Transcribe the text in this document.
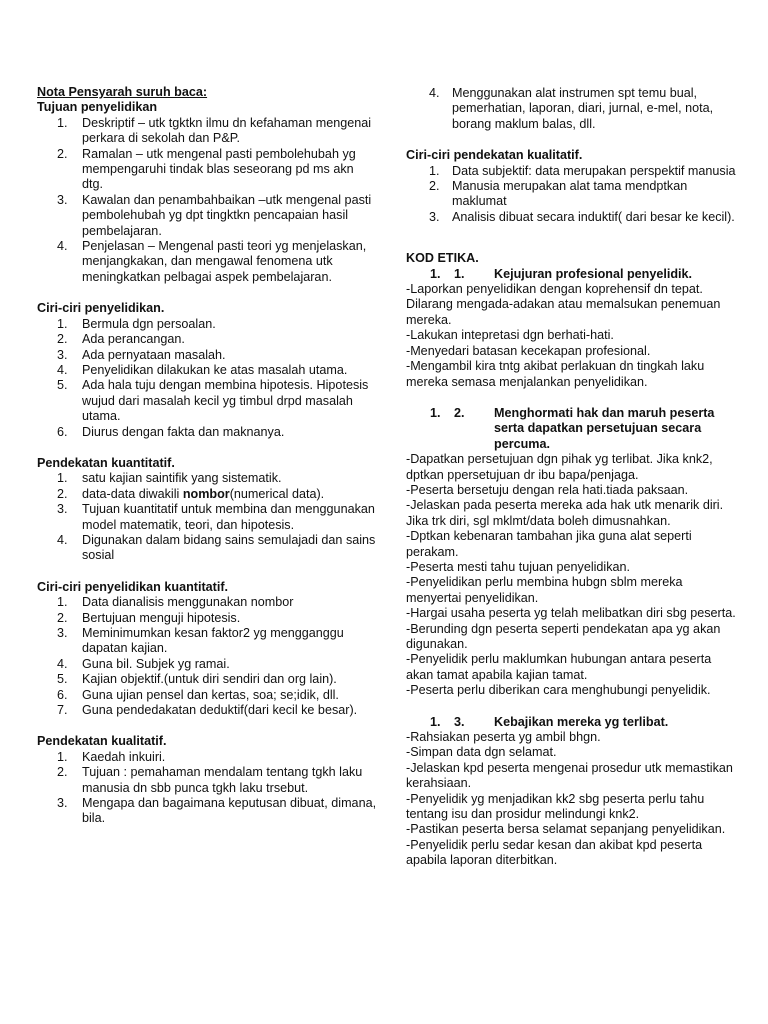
Nota Pensyarah suruh baca:
Tujuan penyelidikan
1. Deskriptif – utk tgktkn ilmu dn kefahaman mengenai perkara di sekolah dan P&P.
2. Ramalan – utk mengenal pasti pembolehubah yg mempengaruhi tindak blas seseorang pd ms akn dtg.
3. Kawalan dan penambahbaikan –utk mengenal pasti pembolehubah yg dpt tingktkn pencapaian hasil pembelajaran.
4. Penjelasan – Mengenal pasti teori yg menjelaskan, menjangkakan, dan mengawal fenomena utk meningkatkan pelbagai aspek pembelajaran.
Ciri-ciri penyelidikan.
1. Bermula dgn persoalan.
2. Ada perancangan.
3. Ada pernyataan masalah.
4. Penyelidikan dilakukan ke atas masalah utama.
5. Ada hala tuju dengan membina hipotesis. Hipotesis wujud dari masalah kecil yg timbul drpd masalah utama.
6. Diurus dengan fakta dan maknanya.
Pendekatan kuantitatif.
1. satu kajian saintifik yang sistematik.
2. data-data diwakili nombor(numerical data).
3. Tujuan kuantitatif untuk membina dan menggunakan model matematik, teori, dan hipotesis.
4. Digunakan dalam bidang sains semulajadi dan sains sosial
Ciri-ciri penyelidikan kuantitatif.
1. Data dianalisis menggunakan nombor
2. Bertujuan menguji hipotesis.
3. Meminimumkan kesan faktor2 yg mengganggu dapatan kajian.
4. Guna bil. Subjek yg ramai.
5. Kajian objektif.(untuk diri sendiri dan org lain).
6. Guna ujian pensel dan kertas, soa; se;idik, dll.
7. Guna pendedakatan deduktif(dari kecil ke besar).
Pendekatan kualitatif.
1. Kaedah inkuiri.
2. Tujuan : pemahaman mendalam tentang tgkh laku manusia dn sbb punca tgkh laku trsebut.
3. Mengapa dan bagaimana keputusan dibuat, dimana, bila.
4. Menggunakan alat instrumen spt temu bual, pemerhatian, laporan, diari, jurnal, e-mel, nota, borang maklum balas, dll.
Ciri-ciri pendekatan kualitatif.
1. Data subjektif: data merupakan perspektif manusia
2. Manusia merupakan alat tama mendptkan maklumat
3. Analisis dibuat secara induktif( dari besar ke kecil).
KOD ETIKA.
1.	1.	Kejujuran profesional penyelidik.
-Laporkan penyelidikan dengan koprehensif dn tepat. Dilarang mengada-adakan atau memalsukan penemuan mereka.
-Lakukan intepretasi dgn berhati-hati.
-Menyedari batasan kecekapan profesional.
-Mengambil kira tntg akibat perlakuan dn tingkah laku mereka semasa menjalankan penyelidikan.
1.	2.	Menghormati hak dan maruh peserta serta dapatkan persetujuan secara percuma.
-Dapatkan persetujuan dgn pihak yg terlibat. Jika knk2, dptkan ppersetujuan dr ibu bapa/penjaga.
-Peserta bersetuju dengan rela hati.tiada paksaan.
-Jelaskan pada peserta mereka ada hak utk menarik diri. Jika trk diri, sgl mklmt/data boleh dimusnahkan.
-Dptkan kebenaran tambahan jika guna alat seperti perakam.
-Peserta mesti tahu tujuan penyelidikan.
-Penyelidikan perlu membina hubgn sblm mereka menyertai penyelidikan.
-Hargai usaha peserta yg telah melibatkan diri sbg peserta.
-Berunding dgn peserta seperti pendekatan apa yg akan digunakan.
-Penyelidik perlu maklumkan hubungan antara peserta akan tamat apabila kajian tamat.
-Peserta perlu diberikan cara menghubungi penyelidik.
1.	3.	Kebajikan mereka yg terlibat.
-Rahsiakan peserta yg ambil bhgn.
-Simpan data dgn selamat.
-Jelaskan kpd peserta mengenai prosedur utk memastikan kerahsiaan.
-Penyelidik yg menjadikan kk2 sbg peserta perlu tahu tentang isu dan prosidur melindungi knk2.
-Pastikan peserta bersa selamat sepanjang penyelidikan.
-Penyelidik perlu sedar kesan dan akibat kpd peserta apabila laporan diterbitkan.
